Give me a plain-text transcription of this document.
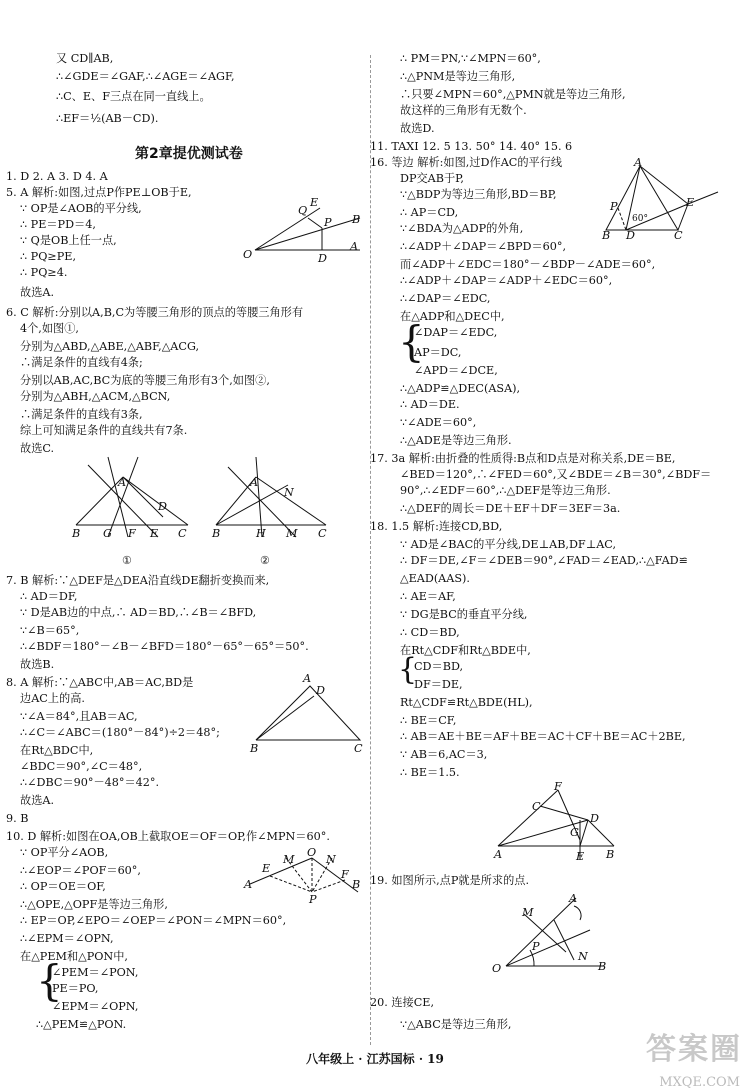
又 CD∥AB,
∴∠GDE＝∠GAF,∴∠AGE＝∠AGF,
∴C、E、F三点在同一直线上。
∴EF＝½(AB－CD).
1. D 2. A 3. D 4. A
5. A 解析:如图,过点P作PE⊥OB于E,
∵ OP是∠AOB的平分线,
∴ PE＝PD＝4,
∵ Q是OB上任一点,
∴ PQ≥PE,
∴ PQ≥4.
故选A.
6. C 解析:分别以A,B,C为等腰三角形的顶点的等腰三角形有
4个,如图①,
分别为△ABD,△ABE,△ABF,△ACG,
∴满足条件的直线有4条;
分别以AB,AC,BC为底的等腰三角形有3个,如图②,
分别为△ABH,△ACM,△BCN,
∴满足条件的直线有3条,
综上可知满足条件的直线共有7条.
故选C.
7. B 解析:∵△DEF是△DEA沿直线DE翻折变换而来,
∴ AD＝DF,
∵ D是AB边的中点,∴ AD＝BD,∴∠B＝∠BFD,
∵∠B＝65°,
∴∠BDF＝180°－∠B－∠BFD＝180°－65°－65°＝50°.
故选B.
8. A 解析:∵△ABC中,AB＝AC,BD是
边AC上的高.
∵∠A＝84°,且AB＝AC,
∴∠C＝∠ABC＝(180°－84°)÷2＝48°;
在Rt△BDC中,
∠BDC＝90°,∠C＝48°,
∴∠DBC＝90°－48°＝42°.
故选A.
9. B
10. D 解析:如图在OA,OB上截取OE＝OF＝OP,作∠MPN＝60°.
∵ OP平分∠AOB,
∴∠EOP＝∠POF＝60°,
∴ OP＝OE＝OF,
∴△OPE,△OPF是等边三角形,
∴ EP＝OP,∠EPO＝∠OEP＝∠PON＝∠MPN＝60°,
∴∠EPM＝∠OPN,
在△PEM和△PON中,
∠PEM＝∠PON,
PE＝PO,
∠EPM＝∠OPN,
∴△PEM≌△PON.
∴ PM＝PN,∵∠MPN＝60°,
∴△PNM是等边三角形,
∴只要∠MPN＝60°,△PMN就是等边三角形,
故这样的三角形有无数个.
故选D.
11. TAXI 12. 5 13. 50° 14. 40° 15. 6
16. 等边 解析:如图,过D作AC的平行线
DP交AB于P,
∵△BDP为等边三角形,BD＝BP,
∴ AP＝CD,
∵∠BDA为△ADP的外角,
∴∠ADP＋∠DAP＝∠BPD＝60°,
而∠ADP＋∠EDC＝180°－∠BDP－∠ADE＝60°,
∴∠ADP＋∠DAP＝∠ADP＋∠EDC＝60°,
∴∠DAP＝∠EDC,
在△ADP和△DEC中,
∠DAP＝∠EDC,
AP＝DC,
∠APD＝∠DCE,
∴△ADP≌△DEC(ASA),
∴ AD＝DE.
∵∠ADE＝60°,
∴△ADE是等边三角形.
17. 3a 解析:由折叠的性质得:B点和D点是对称关系,DE＝BE,
∠BED＝120°,∴∠FED＝60°,又∠BDE＝∠B＝30°,∠BDF＝
90°,∴∠EDF＝60°,∴△DEF是等边三角形.
∴△DEF的周长＝DE＋EF＋DF＝3EF＝3a.
18. 1.5 解析:连接CD,BD,
∵ AD是∠BAC的平分线,DE⊥AB,DF⊥AC,
∴ DF＝DE,∠F＝∠DEB＝90°,∠FAD＝∠EAD,∴△FAD≌
△EAD(AAS).
∴ AE＝AF,
∵ DG是BC的垂直平分线,
∴ CD＝BD,
在Rt△CDF和Rt△BDE中,
CD＝BD,
DF＝DE,
Rt△CDF≌Rt△BDE(HL),
∴ BE＝CF,
∴ AB＝AE＋BE＝AF＋BE＝AC＋CF＋BE＝AC＋2BE,
∵ AB＝6,AC＝3,
∴ BE＝1.5.
19. 如图所示,点P就是所求的点.
20. 连接CE,
∵△ABC是等边三角形,
第2章提优测试卷
{
{
{
Q
E
P
O	D
A
B
A
B G F
D
E C
①
A
N
B	H M C
②
A
D
B	C
M
O
N
E	F
A
P
B
A
P
60°
E
B D	C
F
C
D
G
A	E B
M
A
P
N
O	B
八年级上 · 江苏国标 · 19	答案圈
MXQE.COM
